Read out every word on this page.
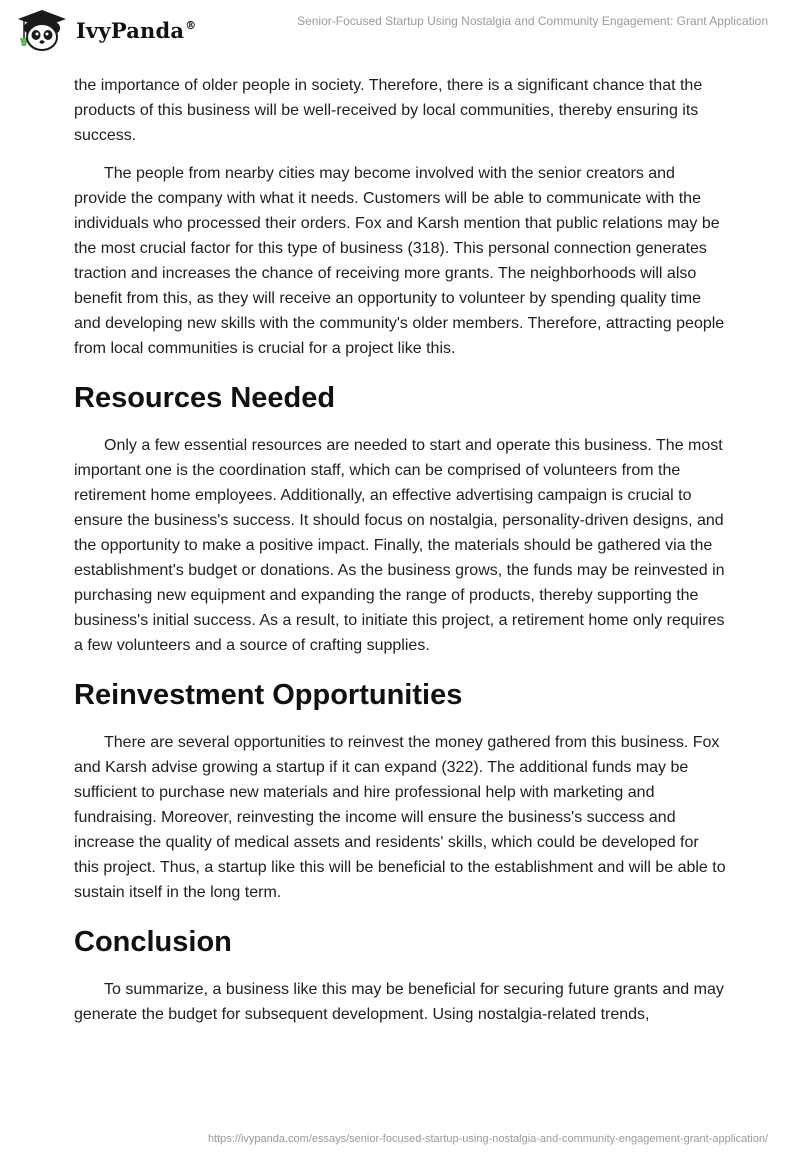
IvyPanda®	Senior-Focused Startup Using Nostalgia and Community Engagement: Grant Application

the importance of older people in society. Therefore, there is a significant chance that the products of this business will be well-received by local communities, thereby ensuring its success.

The people from nearby cities may become involved with the senior creators and provide the company with what it needs. Customers will be able to communicate with the individuals who processed their orders. Fox and Karsh mention that public relations may be the most crucial factor for this type of business (318). This personal connection generates traction and increases the chance of receiving more grants. The neighborhoods will also benefit from this, as they will receive an opportunity to volunteer by spending quality time and developing new skills with the community's older members. Therefore, attracting people from local communities is crucial for a project like this.

Resources Needed

Only a few essential resources are needed to start and operate this business. The most important one is the coordination staff, which can be comprised of volunteers from the retirement home employees. Additionally, an effective advertising campaign is crucial to ensure the business's success. It should focus on nostalgia, personality-driven designs, and the opportunity to make a positive impact. Finally, the materials should be gathered via the establishment's budget or donations. As the business grows, the funds may be reinvested in purchasing new equipment and expanding the range of products, thereby supporting the business's initial success. As a result, to initiate this project, a retirement home only requires a few volunteers and a source of crafting supplies.

Reinvestment Opportunities

There are several opportunities to reinvest the money gathered from this business. Fox and Karsh advise growing a startup if it can expand (322). The additional funds may be sufficient to purchase new materials and hire professional help with marketing and fundraising. Moreover, reinvesting the income will ensure the business's success and increase the quality of medical assets and residents' skills, which could be developed for this project. Thus, a startup like this will be beneficial to the establishment and will be able to sustain itself in the long term.

Conclusion

To summarize, a business like this may be beneficial for securing future grants and may generate the budget for subsequent development. Using nostalgia-related trends,

https://ivypanda.com/essays/senior-focused-startup-using-nostalgia-and-community-engagement-grant-application/
